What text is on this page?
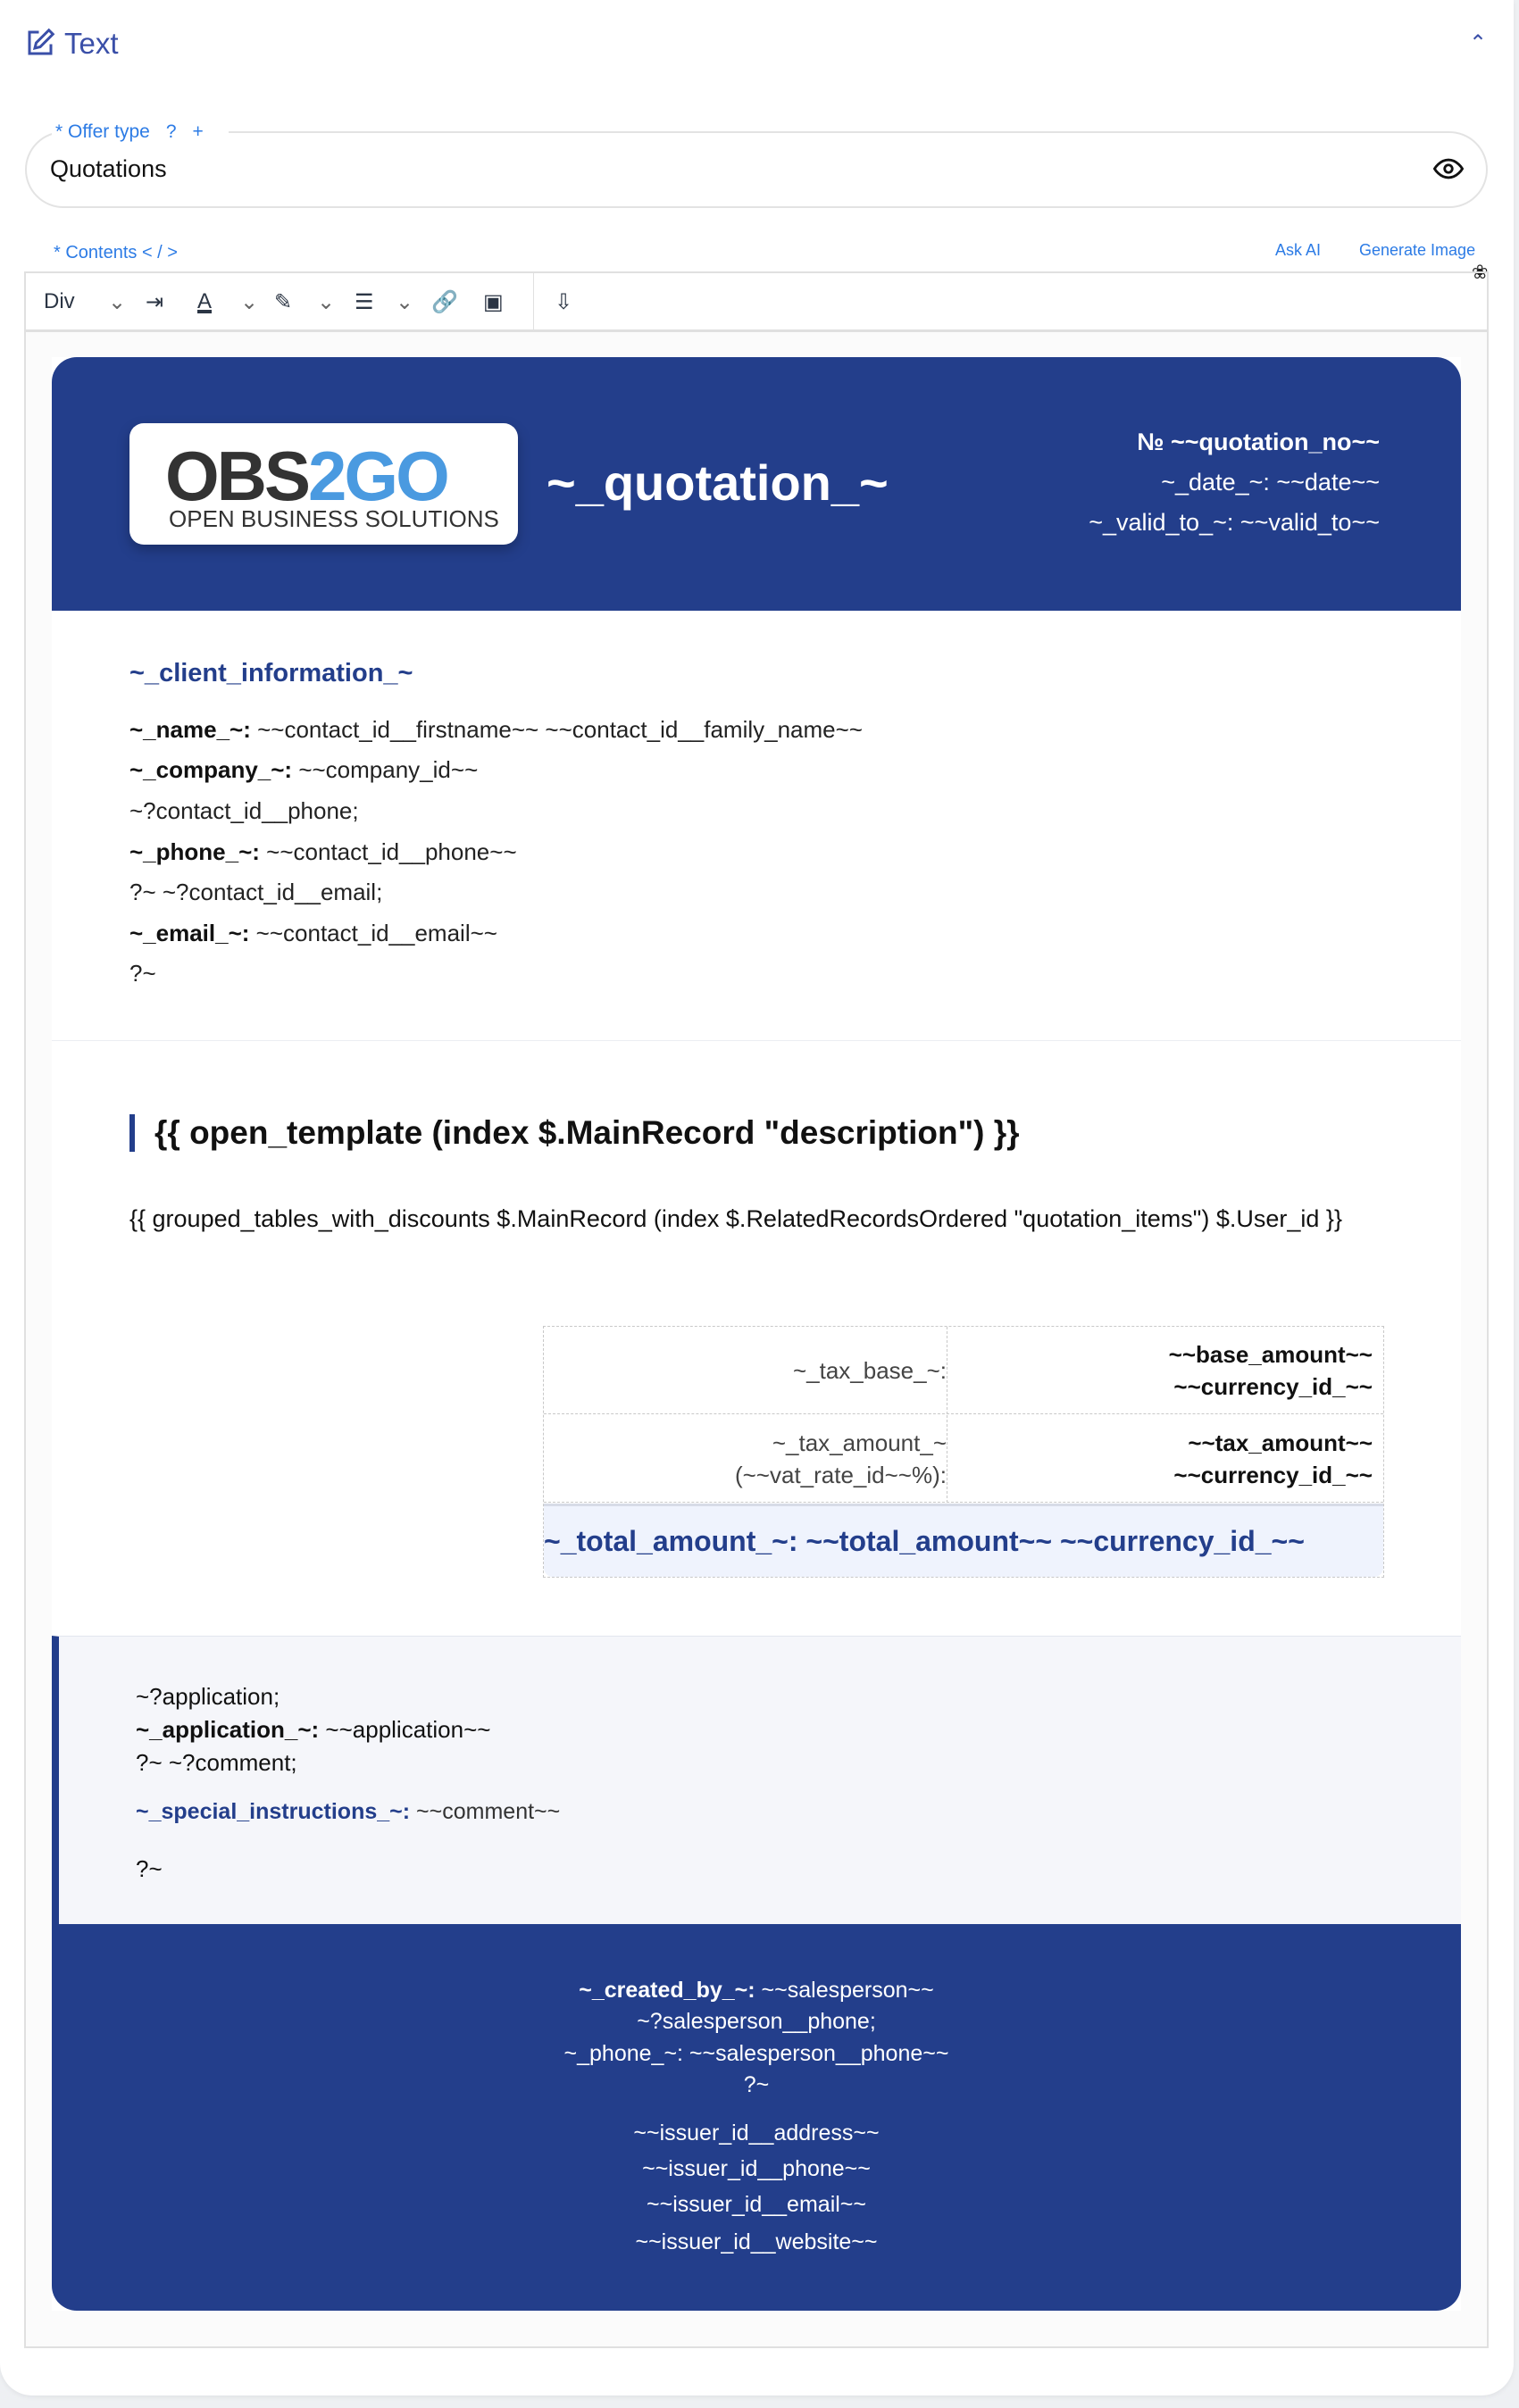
Text	⌃
* Offer type ? +
Quotations
* Contents < / >	Ask AI Generate Image
❀
Div ⌄ ⇥ A ⌄ ✎ ⌄ ☰ ⌄ 🔗 ▣ ⇩
OBS2GO
OPEN BUSINESS SOLUTIONS
~_quotation_~
№ ~~quotation_no~~
~_date_~: ~~date~~
~_valid_to_~: ~~valid_to~~
~_client_information_~
~_name_~: ~~contact_id__firstname~~ ~~contact_id__family_name~~
~_company_~: ~~company_id~~
~?contact_id__phone;
~_phone_~: ~~contact_id__phone~~
?~ ~?contact_id__email;
~_email_~: ~~contact_id__email~~
?~
{{ open_template (index $.MainRecord "description") }}
{{ grouped_tables_with_discounts $.MainRecord (index $.RelatedRecordsOrdered "quotation_items") $.User_id }}
~_tax_base_~:
~~base_amount~~
~~currency_id_~~
~_tax_amount_~
(~~vat_rate_id~~%):
~~tax_amount~~
~~currency_id_~~
~_total_amount_~: ~~total_amount~~ ~~currency_id_~~
~?application;
~_application_~: ~~application~~
?~ ~?comment;
~_special_instructions_~: ~~comment~~
?~
~_created_by_~: ~~salesperson~~
~?salesperson__phone;
~_phone_~: ~~salesperson__phone~~
?~
~~issuer_id__address~~
~~issuer_id__phone~~
~~issuer_id__email~~
~~issuer_id__website~~
